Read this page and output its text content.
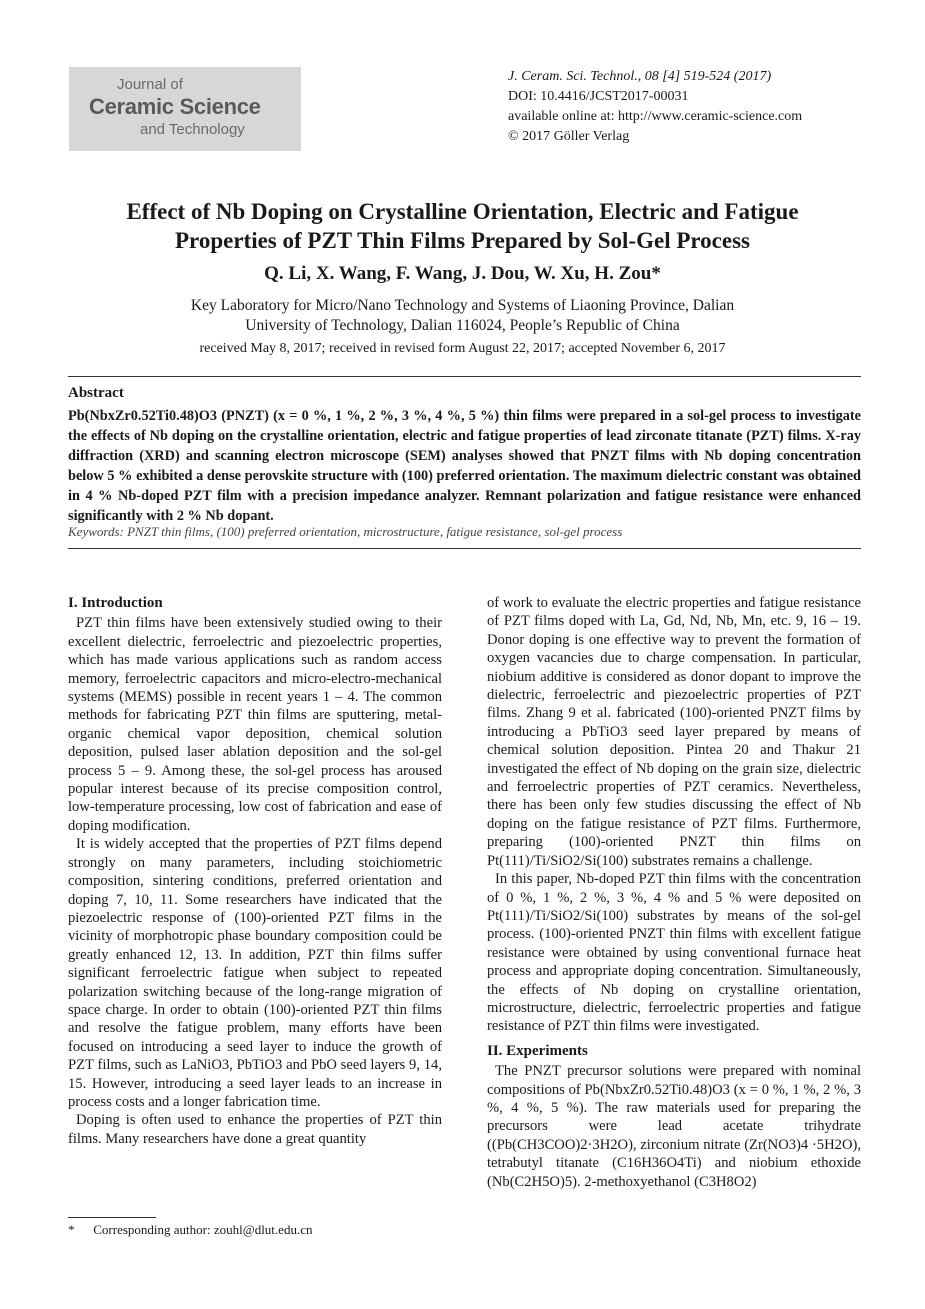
Journal of
Ceramic Science
and Technology
J. Ceram. Sci. Technol., 08 [4] 519-524 (2017)
DOI: 10.4416/JCST2017-00031
available online at: http://www.ceramic-science.com
© 2017 Göller Verlag
Effect of Nb Doping on Crystalline Orientation, Electric and Fatigue
Properties of PZT Thin Films Prepared by Sol-Gel Process
Q. Li, X. Wang, F. Wang, J. Dou, W. Xu, H. Zou*
Key Laboratory for Micro/Nano Technology and Systems of Liaoning Province, Dalian
University of Technology, Dalian 116024, People’s Republic of China
received May 8, 2017; received in revised form August 22, 2017; accepted November 6, 2017
Abstract
Pb(NbxZr0.52Ti0.48)O3 (PNZT) (x = 0 %, 1 %, 2 %, 3 %, 4 %, 5 %) thin films were prepared in a sol-gel process to investigate the effects of Nb doping on the crystalline orientation, electric and fatigue properties of lead zirconate titanate (PZT) films. X-ray diffraction (XRD) and scanning electron microscope (SEM) analyses showed that PNZT films with Nb doping concentration below 5 % exhibited a dense perovskite structure with (100) preferred orientation. The maximum dielectric constant was obtained in 4 % Nb-doped PZT film with a precision impedance analyzer. Remnant polarization and fatigue resistance were enhanced significantly with 2 % Nb dopant.
Keywords: PNZT thin films, (100) preferred orientation, microstructure, fatigue resistance, sol-gel process
I. Introduction

PZT thin films have been extensively studied owing to their excellent dielectric, ferroelectric and piezoelectric properties, which has made various applications such as random access memory, ferroelectric capacitors and micro-electro-mechanical systems (MEMS) possible in recent years 1 – 4. The common methods for fabricating PZT thin films are sputtering, metal-organic chemical vapor deposition, chemical solution deposition, pulsed laser ablation deposition and the sol-gel process 5 – 9. Among these, the sol-gel process has aroused popular interest because of its precise composition control, low-temperature processing, low cost of fabrication and ease of doping modification.

It is widely accepted that the properties of PZT films depend strongly on many parameters, including stoichiometric composition, sintering conditions, preferred orientation and doping 7, 10, 11. Some researchers have indicated that the piezoelectric response of (100)-oriented PZT films in the vicinity of morphotropic phase boundary composition could be greatly enhanced 12, 13. In addition, PZT thin films suffer significant ferroelectric fatigue when subject to repeated polarization switching because of the long-range migration of space charge. In order to obtain (100)-oriented PZT thin films and resolve the fatigue problem, many efforts have been focused on introducing a seed layer to induce the growth of PZT films, such as LaNiO3, PbTiO3 and PbO seed layers 9, 14, 15. However, introducing a seed layer leads to an increase in process costs and a longer fabrication time.

Doping is often used to enhance the properties of PZT thin films. Many researchers have done a great quantity

of work to evaluate the electric properties and fatigue resistance of PZT films doped with La, Gd, Nd, Nb, Mn, etc. 9, 16 – 19. Donor doping is one effective way to prevent the formation of oxygen vacancies due to charge compensation. In particular, niobium additive is considered as donor dopant to improve the dielectric, ferroelectric and piezoelectric properties of PZT films. Zhang 9 et al. fabricated (100)-oriented PNZT films by introducing a PbTiO3 seed layer prepared by means of chemical solution deposition. Pintea 20 and Thakur 21 investigated the effect of Nb doping on the grain size, dielectric and ferroelectric properties of PZT ceramics. Nevertheless, there has been only few studies discussing the effect of Nb doping on the fatigue resistance of PZT films. Furthermore, preparing (100)-oriented PNZT thin films on Pt(111)/Ti/SiO2/Si(100) substrates remains a challenge.

In this paper, Nb-doped PZT thin films with the concentration of 0 %, 1 %, 2 %, 3 %, 4 % and 5 % were deposited on Pt(111)/Ti/SiO2/Si(100) substrates by means of the sol-gel process. (100)-oriented PNZT thin films with excellent fatigue resistance were obtained by using conventional furnace heat process and appropriate doping concentration. Simultaneously, the effects of Nb doping on crystalline orientation, microstructure, dielectric, ferroelectric properties and fatigue resistance of PZT thin films were investigated.

II. Experiments

The PNZT precursor solutions were prepared with nominal compositions of Pb(NbxZr0.52Ti0.48)O3 (x = 0 %, 1 %, 2 %, 3 %, 4 %, 5 %). The raw materials used for preparing the precursors were lead acetate trihydrate ((Pb(CH3COO)2·3H2O), zirconium nitrate (Zr(NO3)4 ·5H2O), tetrabutyl titanate (C16H36O4Ti) and niobium ethoxide (Nb(C2H5O)5). 2-methoxyethanol (C3H8O2)

* Corresponding author: zouhl@dlut.edu.cn
